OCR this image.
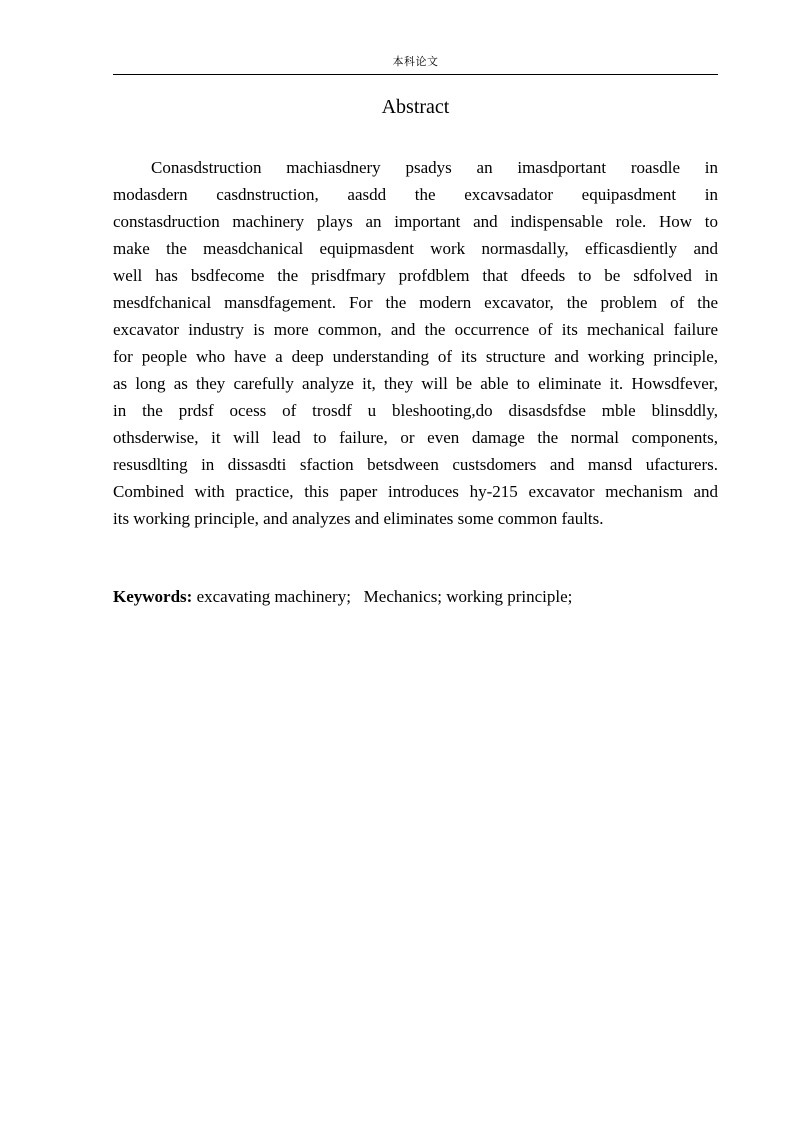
本科论文
Abstract
Conasdstruction machiasdnery psadys an imasdportant roasdle in
modasdern casdnstruction, aasdd the excavsadator equipasdment in
constasdruction machinery plays an important and indispensable role. How to
make the measdchanical equipmasdent work normasdally, efficasdiently and
well has bsdfecome the prisdfmary profdblem that dfeeds to be sdfolved in
mesdfchanical mansdfagement. For the modern excavator, the problem of the
excavator industry is more common, and the occurrence of its mechanical failure
for people who have a deep understanding of its structure and working principle,
as long as they carefully analyze it, they will be able to eliminate it. Howsdfever,
in the prdsf ocess of trosdf u bleshooting,do disasdsfdse mble blinsddly,
othsderwise, it will lead to failure, or even damage the normal components,
resusdlting in dissasdti sfaction betsdween custsdomers and mansd ufacturers.
Combined with practice, this paper introduces hy-215 excavator mechanism and
its working principle, and analyzes and eliminates some common faults.

Keywords: excavating machinery;   Mechanics; working principle;
